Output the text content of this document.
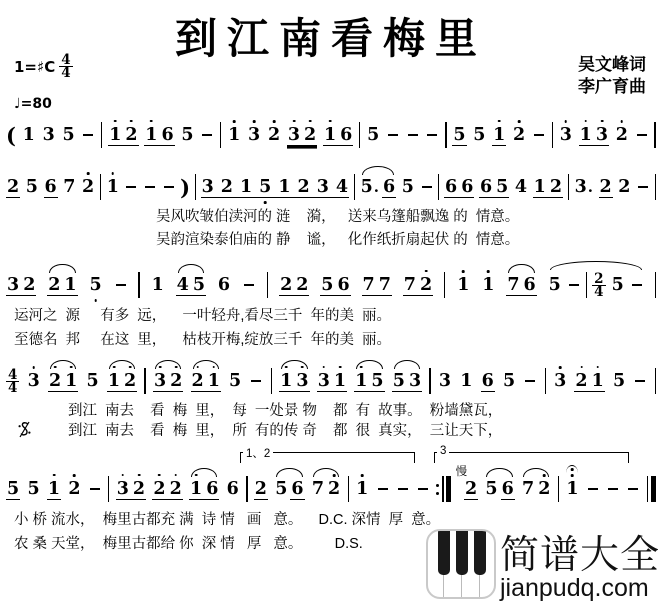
到江南看梅里
1=♯C $\frac{4}{4}$	吴文峰词
李广育曲
♩=80
( 1 3 5 1 2 1 6 5 1 3 2 3 2 1 6 5	5 5 1 2 3 1 3 2
2 5 6 7 2 1	) 3 2 1 5 1 2 3 4 5. 6 5 6 6 6 5 4 1 2 3. 2 2
吴风吹皱伯渎河的 涟    漪，   送来乌篷船飘逸 的  情意。
吴韵渲染泰伯庙的 静    谧，   化作纸折扇起伏 的  情意。
3 2 2 1 5	1 4 5 6	2 2 5 6 7 7 7 2 1 1 7 6 $5 \frac{2}{4} 5$
运河之  源     有多  远，    一叶轻舟,看尽三千  年的美  丽。
至德名  邦     在这  里，    枯枝开梅,绽放三千  年的美  丽。
$\frac{4}{4} 3$ 2 1 5 1 2 3 2 2 1 5 1 3 3 1 1 5 5 3 3 1 6 5 3 2 1 5
到江  南去    看  梅  里，  每  一处景 物    都  有  故事。  粉墙黛瓦，
到江  南去    看  梅  里，  所  有的传 奇    都  很  真实，  三让天下，
1、2	3
5 5 1 2 3 2 2 2 1 6 6 2 5 6 7 2 1
慢
2 5 6 7 2 1
小 桥 流水，  梅里古都充 满  诗 情   画   意。    D.C. 深情  厚  意。
农 桑 天堂，  梅里古都给 你  深 情   厚   意。        D.S.	简谱大全
jianpudq.com
